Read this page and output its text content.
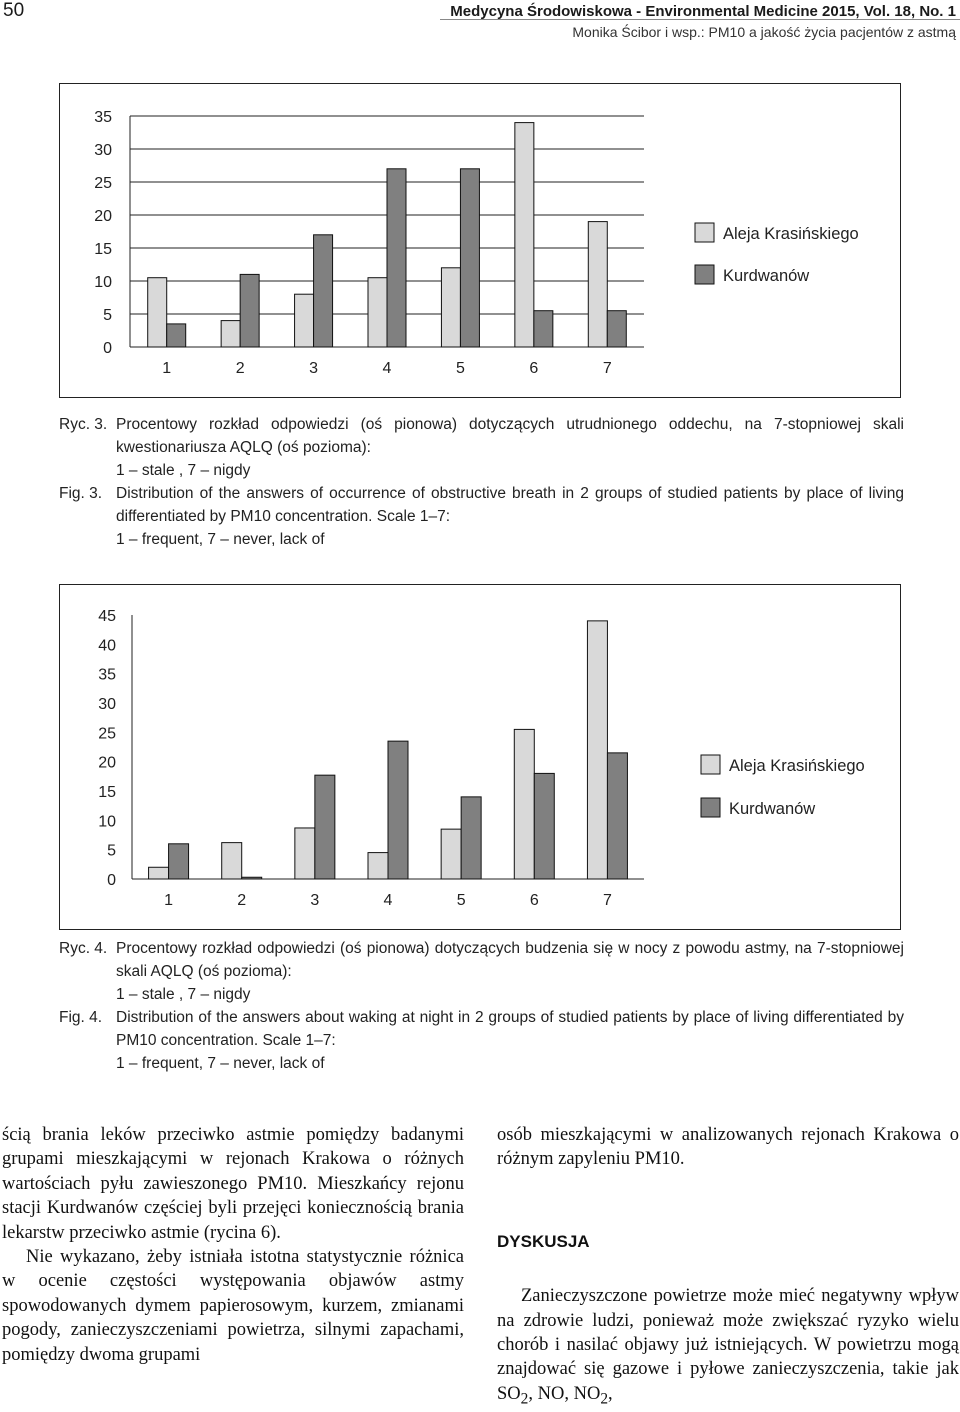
50	Medycyna Środowiskowa - Environmental Medicine 2015, Vol. 18, No. 1
Monika Ścibor i wsp.: PM10 a jakość życia pacjentów z astmą
0
5
10
15
20
25
30
35
1	2	3	4	5	6	7
Aleja Krasińskiego
Kurdwanów
Ryc. 3. Procentowy rozkład odpowiedzi (oś pionowa) dotyczących utrudnionego oddechu, na 7-stopniowej skali kwestionariusza AQLQ (oś pozioma):
1 – stale , 7 – nigdy
Fig. 3. Distribution of the answers of occurrence of obstructive breath in 2 groups of studied patients by place of living differentiated by PM10 concentration. Scale 1–7:
1 – frequent, 7 – never, lack of
0
5
10
15
20
25
30
35
40
45
1	2	3	4	5	6	7
Aleja Krasińskiego
Kurdwanów
Ryc. 4. Procentowy rozkład odpowiedzi (oś pionowa) dotyczących budzenia się w nocy z powodu astmy, na 7-stopniowej skali AQLQ (oś pozioma):
1 – stale , 7 – nigdy
Fig. 4. Distribution of the answers about waking at night in 2 groups of studied patients by place of living differentiated by PM10 concentration. Scale 1–7:
1 – frequent, 7 – never, lack of

ścią brania leków przeciwko astmie pomiędzy badanymi grupami mieszkającymi w rejonach Krakowa o różnych wartościach pyłu zawieszonego PM10. Mieszkańcy rejonu stacji Kurdwanów częściej byli przejęci koniecznością brania lekarstw przeciwko astmie (rycina 6).

Nie wykazano, żeby istniała istotna statystycznie różnica w ocenie częstości występowania objawów astmy spowodowanych dymem papierosowym, kurzem, zmianami pogody, zanieczyszczeniami powietrza, silnymi zapachami, pomiędzy dwoma grupami

osób mieszkającymi w analizowanych rejonach Krakowa o różnym zapyleniu PM10.

DYSKUSJA

Zanieczyszczone powietrze może mieć negatywny wpływ na zdrowie ludzi, ponieważ może zwiększać ryzyko wielu chorób i nasilać objawy już istniejących. W powietrzu mogą znajdować się gazowe i pyłowe zanieczyszczenia, takie jak $SO_2$, NO, $NO_2$,
